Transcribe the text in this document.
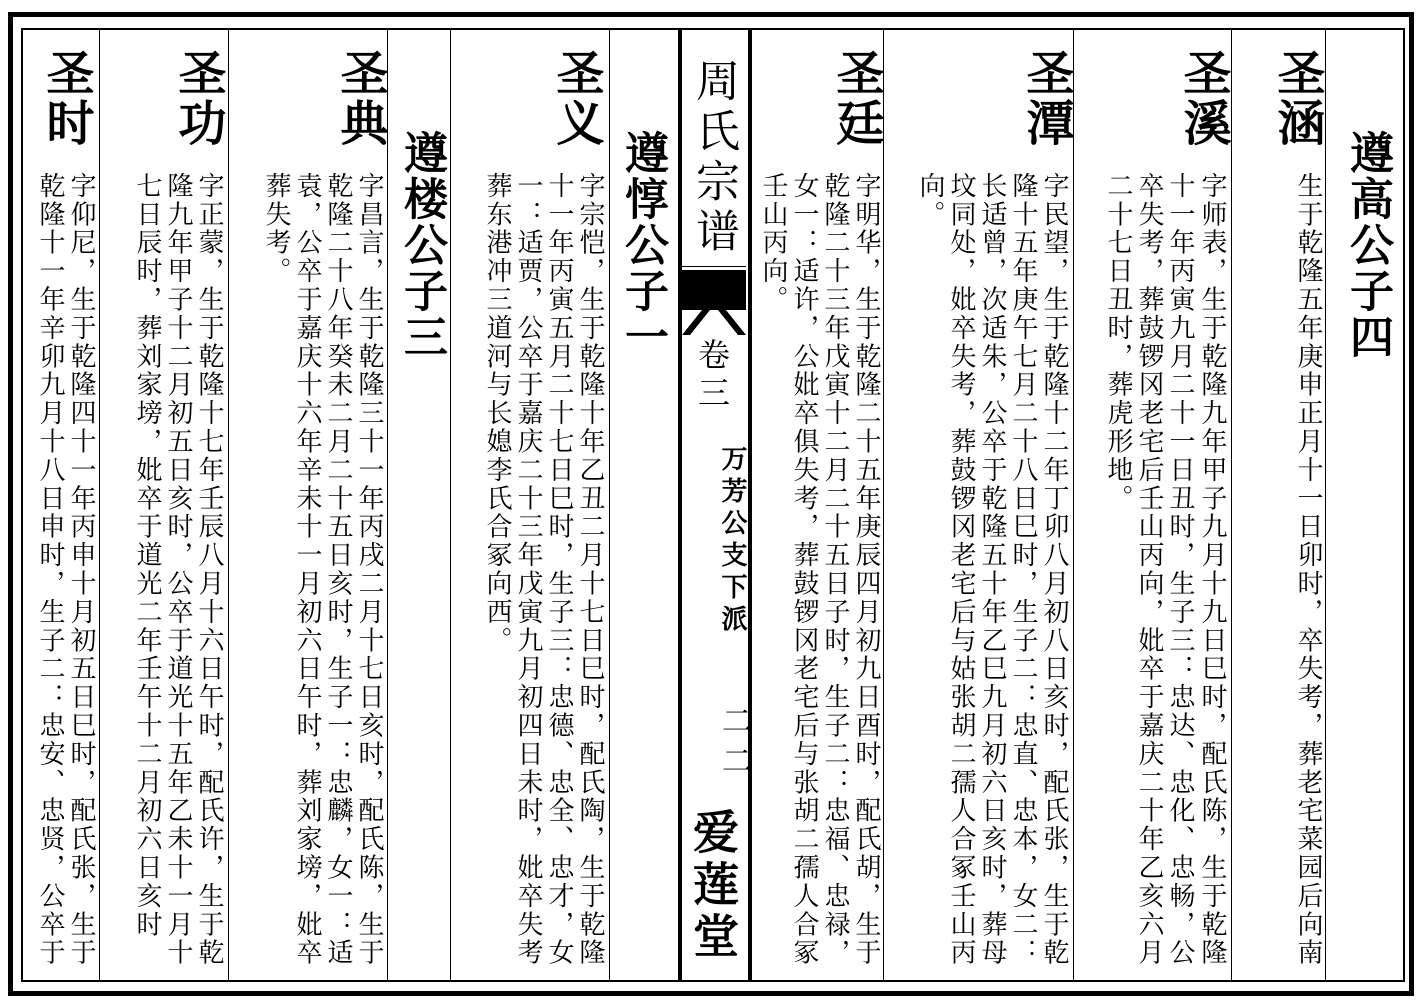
周氏宗谱
卷三
万芳公支下派
二二
爱莲堂
遵高公子四
圣涵
生于乾隆五年庚申正月十一日卯时，卒失考，葬老宅菜园后向南
圣溪
字师表，生于乾隆九年甲子九月十九日巳时，配氏陈，生于乾隆
十一年丙寅九月二十一日丑时，生子三：忠达、忠化、忠畅，公
卒失考，葬鼓锣冈老宅后壬山丙向，妣卒于嘉庆二十年乙亥六月
二十七日丑时，葬虎形地。
圣潭
字民望，生于乾隆十二年丁卯八月初八日亥时，配氏张，生于乾
隆十五年庚午七月二十八日巳时，生子二：忠直、忠本，女二：
长适曾，次适朱，公卒于乾隆五十年乙巳九月初六日亥时，葬母
坟同处，妣卒失考，葬鼓锣冈老宅后与姑张胡二孺人合冢壬山丙
向。
圣廷
字明华，生于乾隆二十五年庚辰四月初九日酉时，配氏胡，生于
乾隆二十三年戊寅十二月二十五日子时，生子二：忠福、忠禄，
女一：适许，公妣卒俱失考，葬鼓锣冈老宅后与张胡二孺人合冢
壬山丙向。
遵惇公子一
圣义
字宗恺，生于乾隆十年乙丑二月十七日巳时，配氏陶，生于乾隆
十一年丙寅五月二十七日巳时，生子三：忠德、忠全、忠才，女
一：适贾，公卒于嘉庆二十三年戊寅九月初四日未时，妣卒失考
葬东港冲三道河与长媳李氏合冢向西。
遵楼公子三
圣典
字昌言，生于乾隆三十一年丙戌二月十七日亥时，配氏陈，生于
乾隆二十八年癸未二月二十五日亥时，生子一：忠麟，女一：适
袁，公卒于嘉庆十六年辛未十一月初六日午时，葬刘家塝，妣卒
葬失考。
圣功
字正蒙，生于乾隆十七年壬辰八月十六日午时，配氏许，生于乾
隆九年甲子十二月初五日亥时，公卒于道光十五年乙未十一月十
七日辰时，葬刘家塝，妣卒于道光二年壬午十二月初六日亥时
圣时
字仰尼，生于乾隆四十一年丙申十月初五日巳时，配氏张，生于
乾隆十一年辛卯九月十八日申时，生子二：忠安、忠贤，公卒于
